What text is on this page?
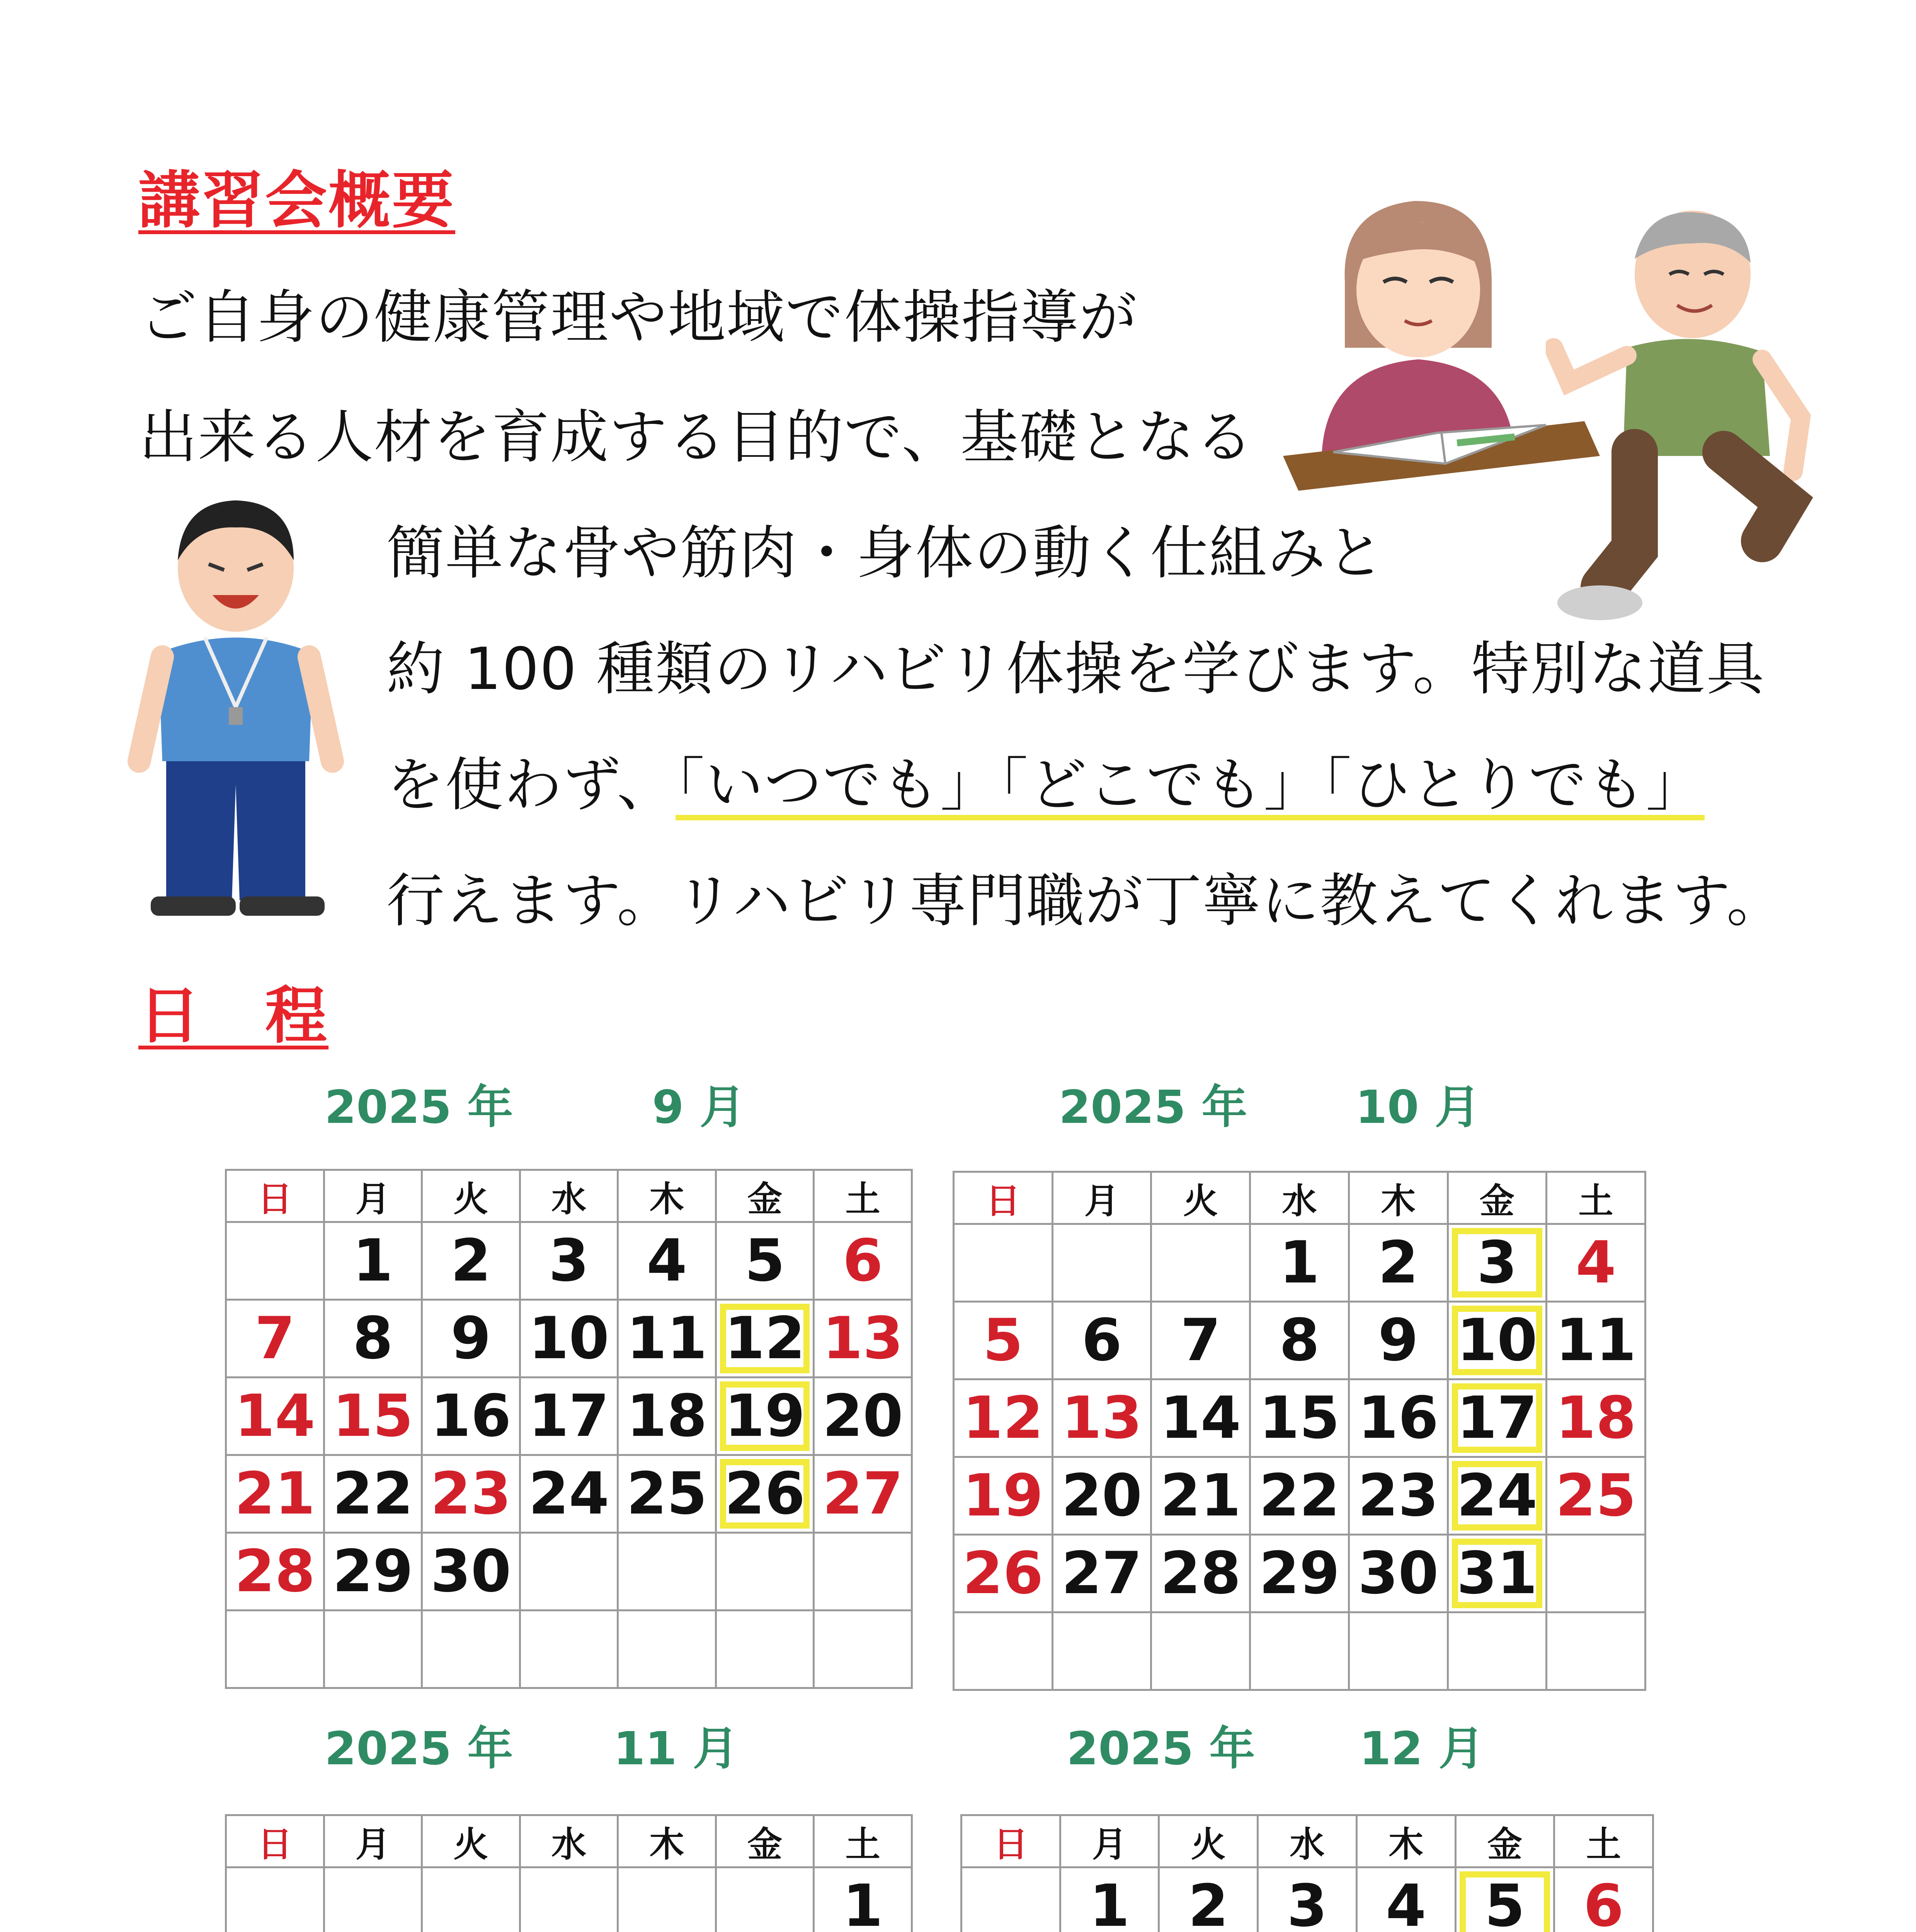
講習会概要
ご自身の健康管理や地域で体操指導が
出来る人材を育成する目的で、基礎となる
簡単な骨や筋肉・身体の動く仕組みと
約 100 種類のリハビリ体操を学びます。特別な道具
を使わず、「いつでも」「どこでも」「ひとりでも」
行えます。リハビリ専門職が丁寧に教えてくれます。
日　程
2025 年	9 月	2025 年 10 月
2025 年 11 月	2025 年 12 月
日	月	火	水	木	金	土
	1	2	3	4	5	6
7	8	9	10	11	12	13
14	15	16	17	18	19	20
21	22	23	24	25	26	27
28	29	30				

日	月	火	水	木	金	土
			1	2	3	4
5	6	7	8	9	10	11
12	13	14	15	16	17	18
19	20	21	22	23	24	25
26	27	28	29	30	31	

日	月	火	水	木	金	土
						1

日	月	火	水	木	金	土
	1	2	3	4	5	6
